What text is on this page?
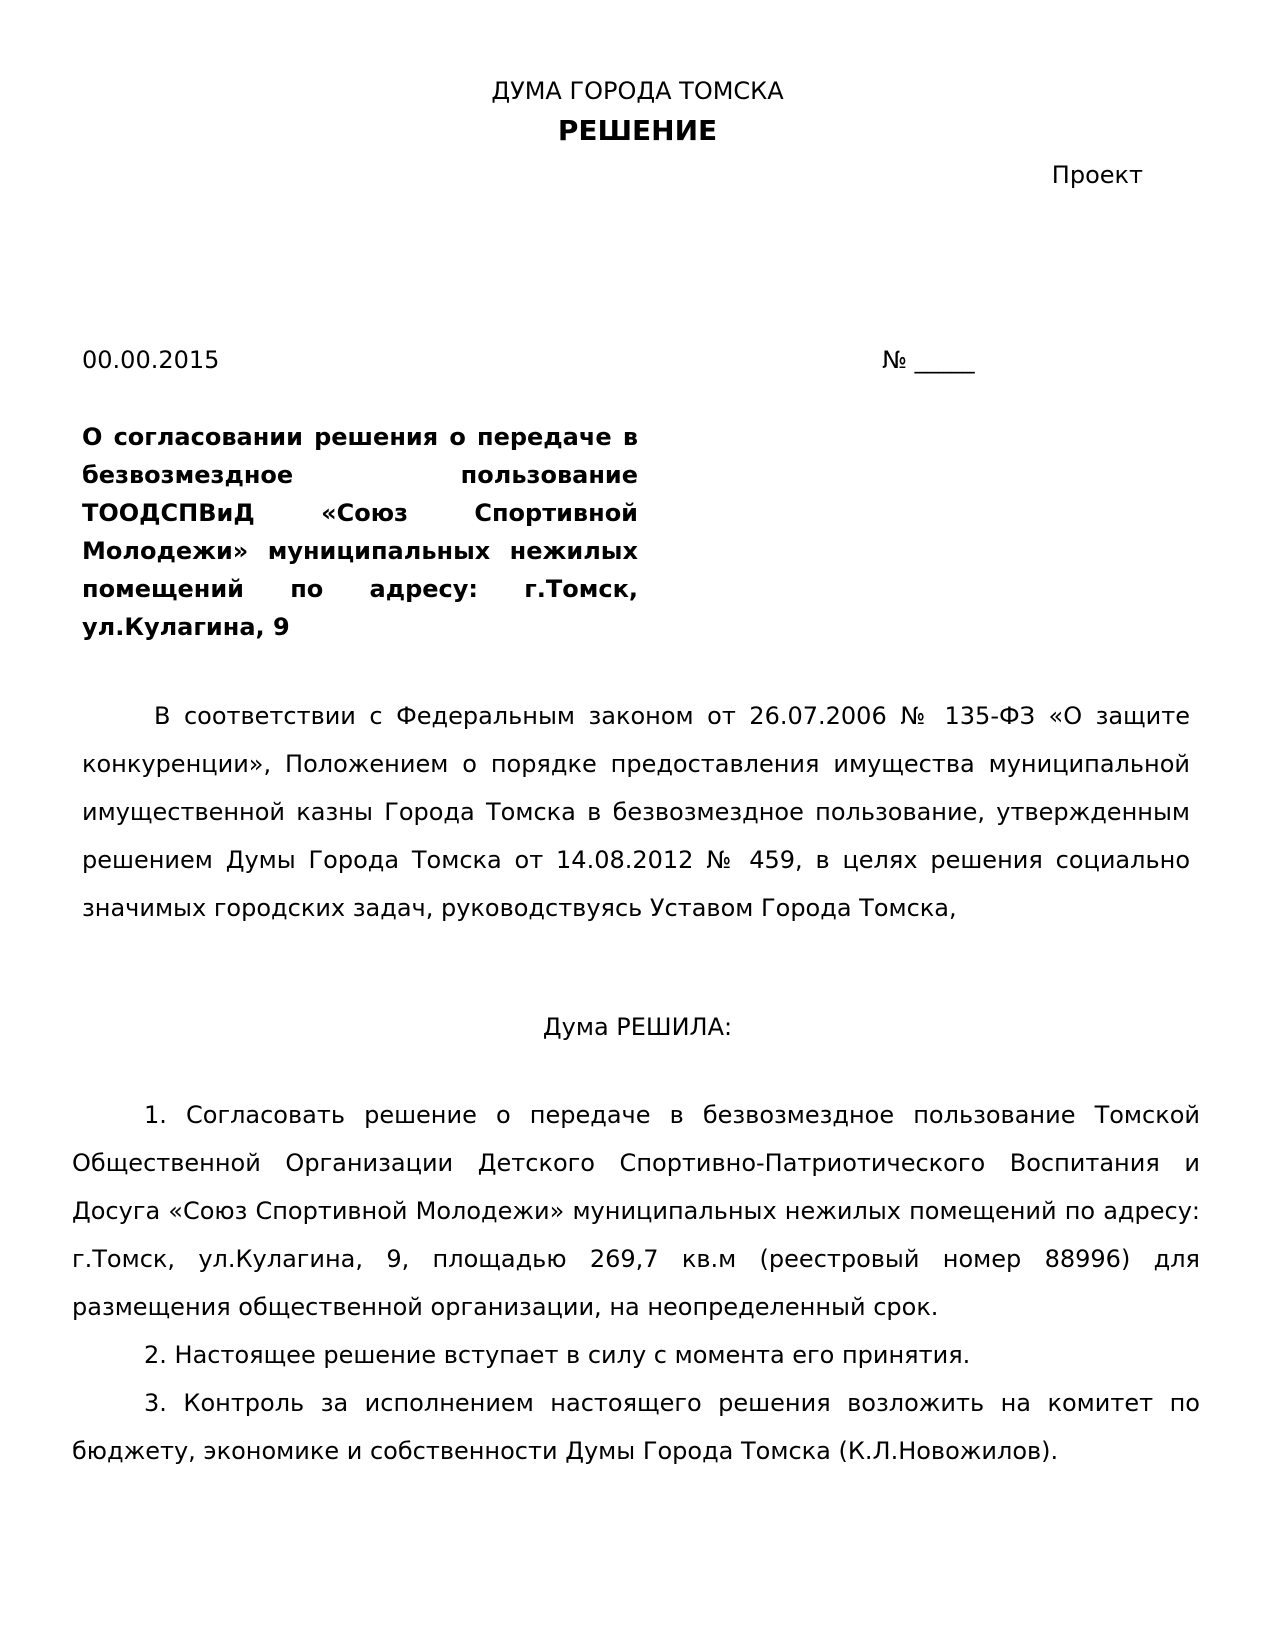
ДУМА ГОРОДА ТОМСКА
РЕШЕНИЕ
Проект
00.00.2015	№ _____
О согласовании решения о передаче в безвозмездное пользование ТООДСПВиД «Союз Спортивной Молодежи» муниципальных нежилых помещений по адресу: г.Томск, ул.Кулагина, 9
В соответствии с Федеральным законом от 26.07.2006 № 135-ФЗ «О защите конкуренции», Положением о порядке предоставления имущества муниципальной имущественной казны Города Томска в безвозмездное пользование, утвержденным решением Думы Города Томска от 14.08.2012 № 459, в целях решения социально значимых городских задач, руководствуясь Уставом Города Томска,
Дума РЕШИЛА:

1. Согласовать решение о передаче в безвозмездное пользование Томской Общественной Организации Детского Спортивно-Патриотического Воспитания и Досуга «Союз Спортивной Молодежи» муниципальных нежилых помещений по адресу: г.Томск, ул.Кулагина, 9, площадью 269,7 кв.м (реестровый номер 88996) для размещения общественной организации, на неопределенный срок.

2. Настоящее решение вступает в силу с момента его принятия.

3. Контроль за исполнением настоящего решения возложить на комитет по бюджету, экономике и собственности Думы Города Томска (К.Л.Новожилов).
